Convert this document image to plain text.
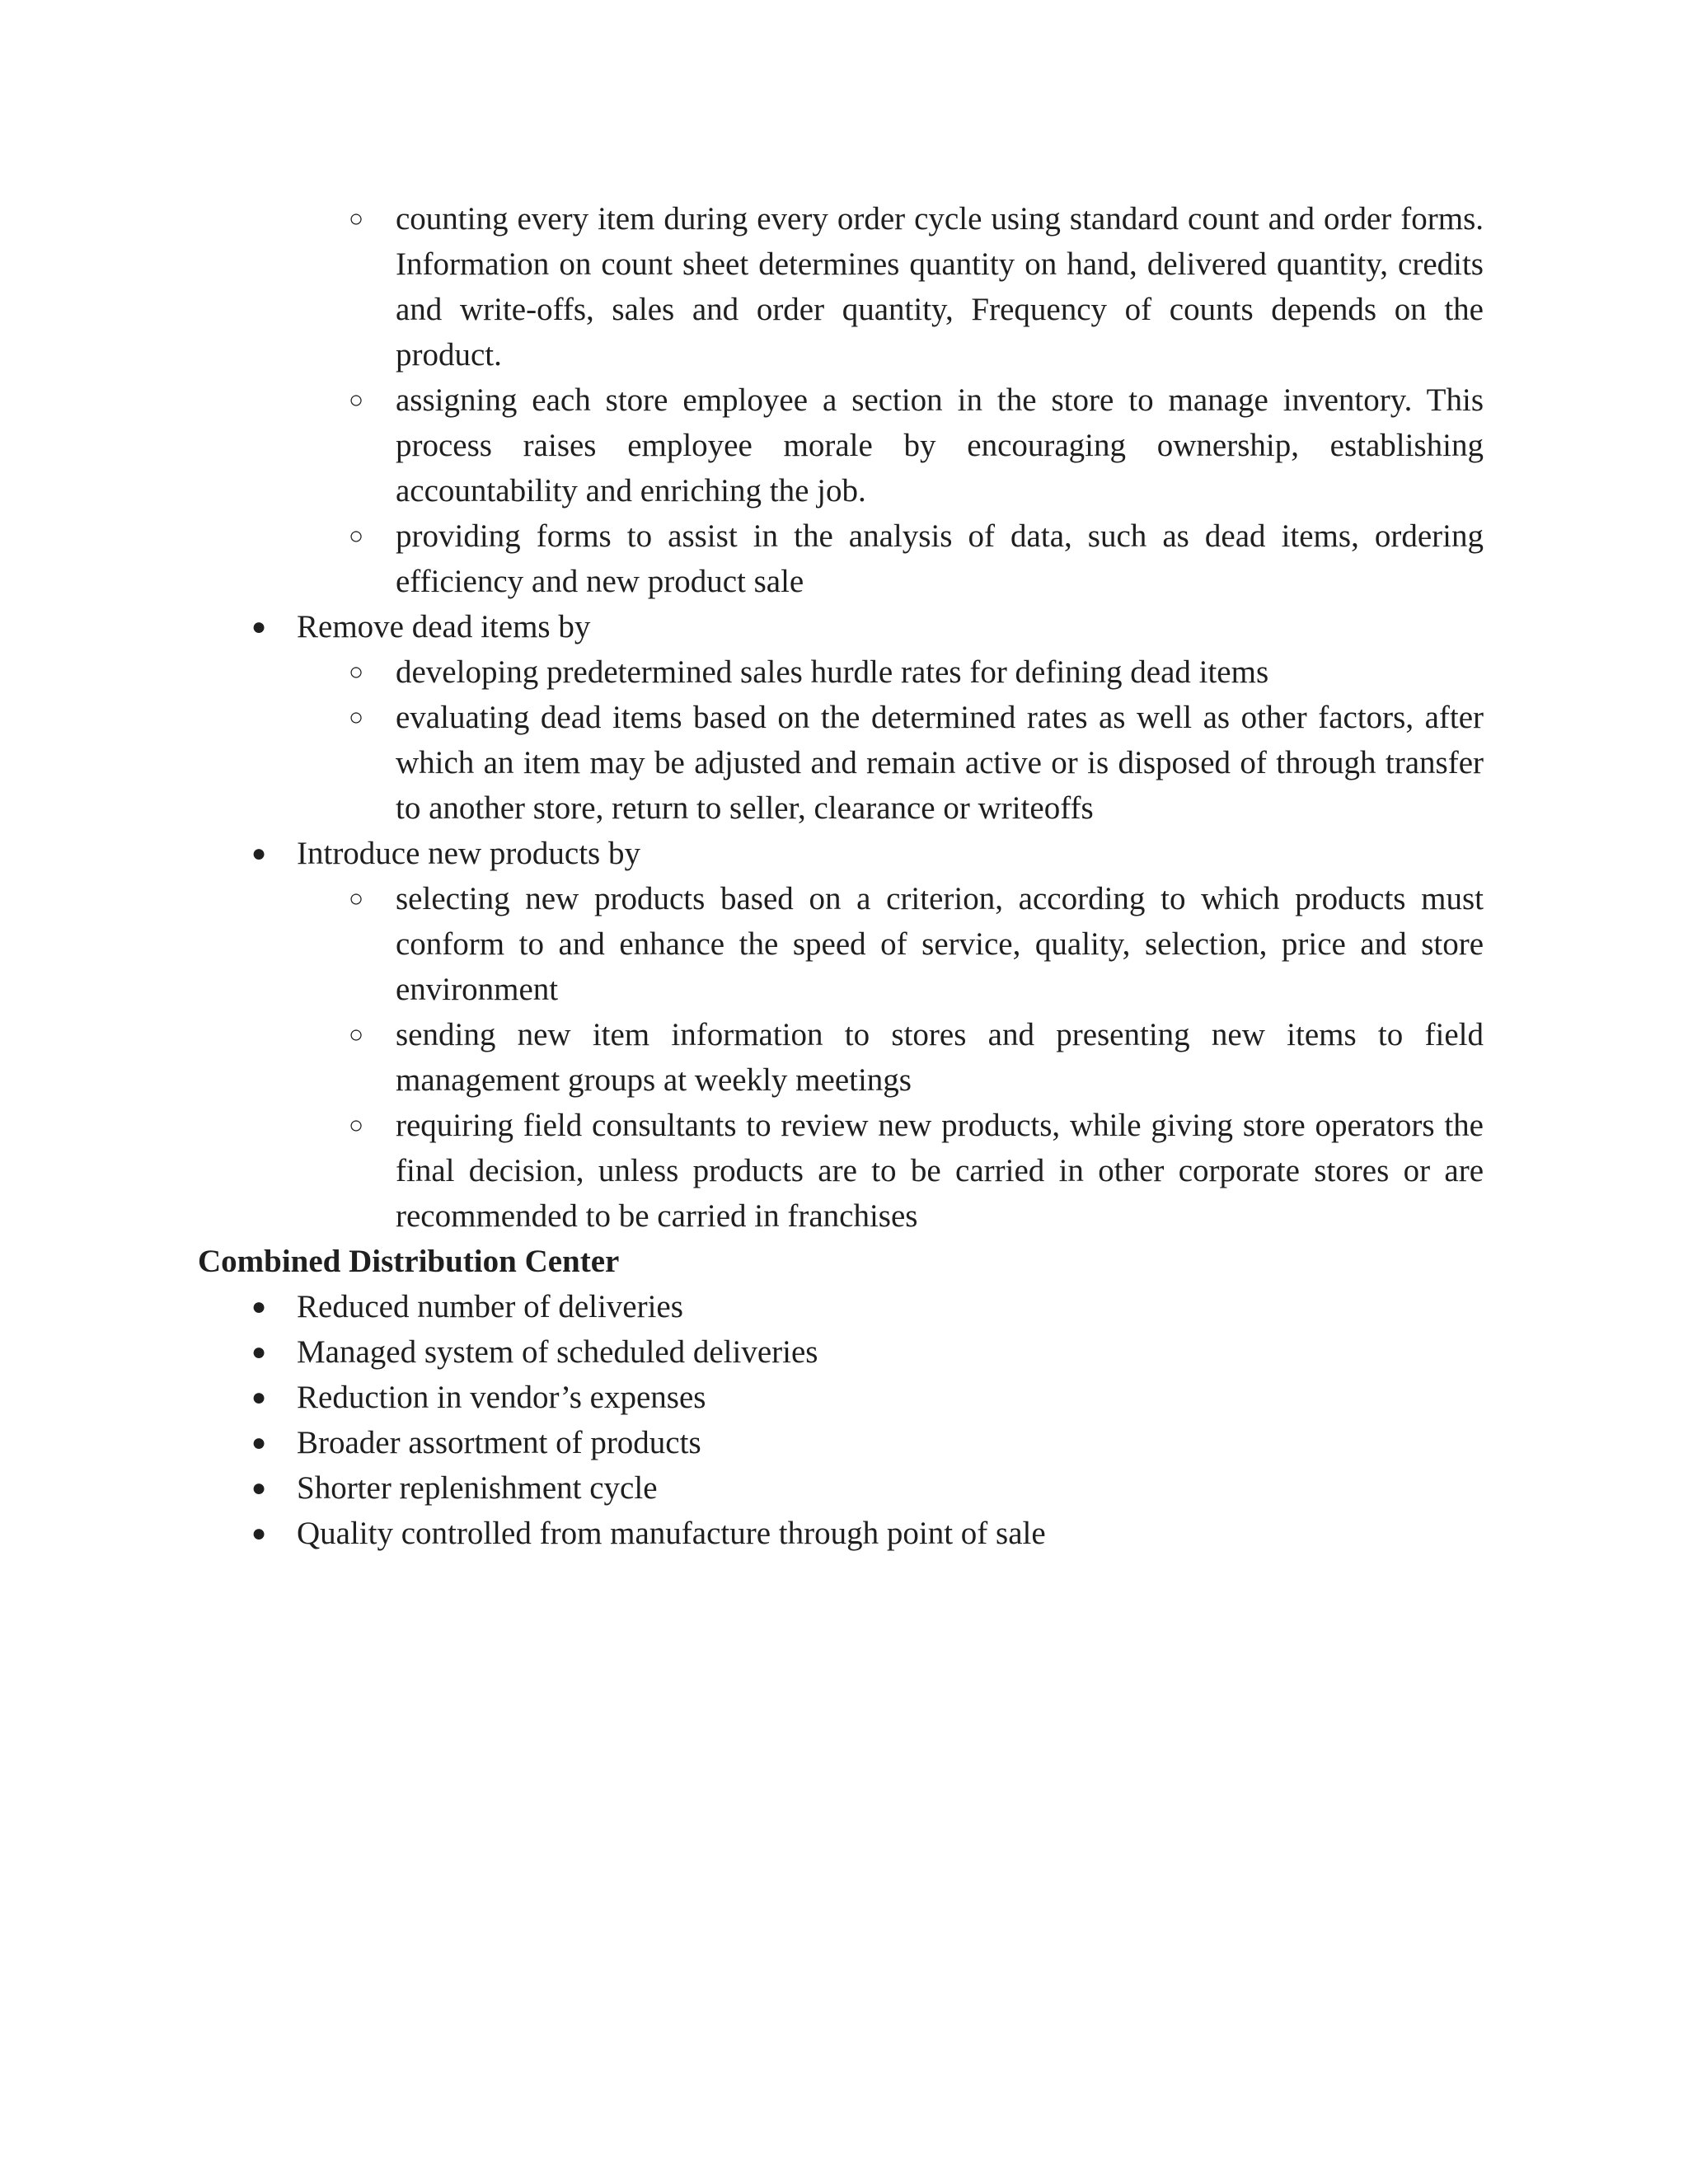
○ counting every item during every order cycle using standard count and order forms. Information on count sheet determines quantity on hand, delivered quantity, credits and write-offs, sales and order quantity, Frequency of counts depends on the product.
○ assigning each store employee a section in the store to manage inventory. This process raises employee morale by encouraging ownership, establishing accountability and enriching the job.
○ providing forms to assist in the analysis of data, such as dead items, ordering efficiency and new product sale
● Remove dead items by
○ developing predetermined sales hurdle rates for defining dead items
○ evaluating dead items based on the determined rates as well as other factors, after which an item may be adjusted and remain active or is disposed of through transfer to another store, return to seller, clearance or writeoffs
● Introduce new products by
○ selecting new products based on a criterion, according to which products must conform to and enhance the speed of service, quality, selection, price and store environment
○ sending new item information to stores and presenting new items to field management groups at weekly meetings
○ requiring field consultants to review new products, while giving store operators the final decision, unless products are to be carried in other corporate stores or are recommended to be carried in franchises
Combined Distribution Center
● Reduced number of deliveries
● Managed system of scheduled deliveries
● Reduction in vendor’s expenses
● Broader assortment of products
● Shorter replenishment cycle
● Quality controlled from manufacture through point of sale
